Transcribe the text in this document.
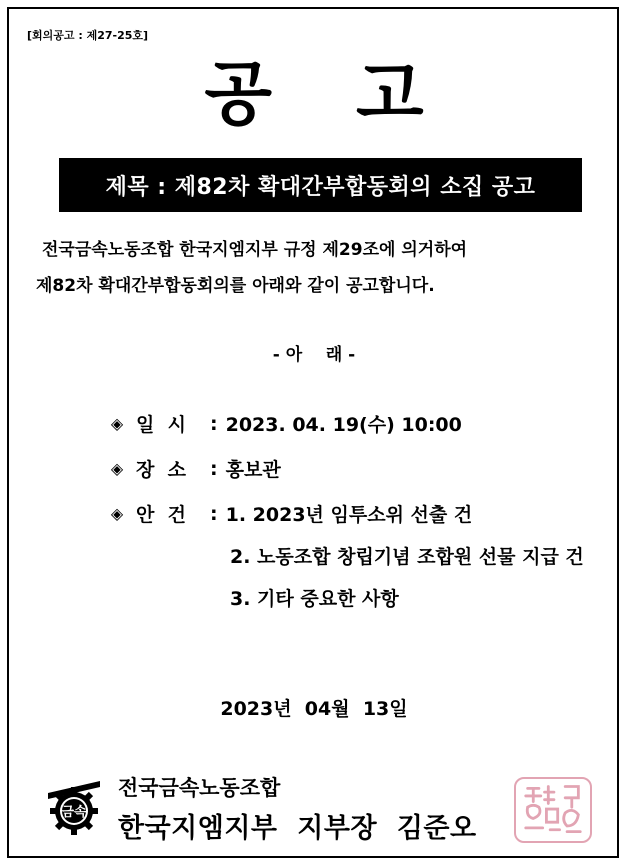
[회의공고 : 제27-25호]
공고
제목 : 제82차 확대간부합동회의 소집 공고
전국금속노동조합 한국지엠지부 규정 제29조에 의거하여
제82차 확대간부합동회의를 아래와 같이 공고합니다.
- 아    래 -
◈ 일  시	: 2023. 04. 19(수) 10:00
◈ 장  소	: 홍보관
◈ 안  건	: 1. 2023년 임투소위 선출 건
2. 노동조합 창립기념 조합원 선물 지급 건
3. 기타 중요한 사항
2023년  04월  13일
금속
전국금속노동조합
한국지엠지부  지부장  김준오
